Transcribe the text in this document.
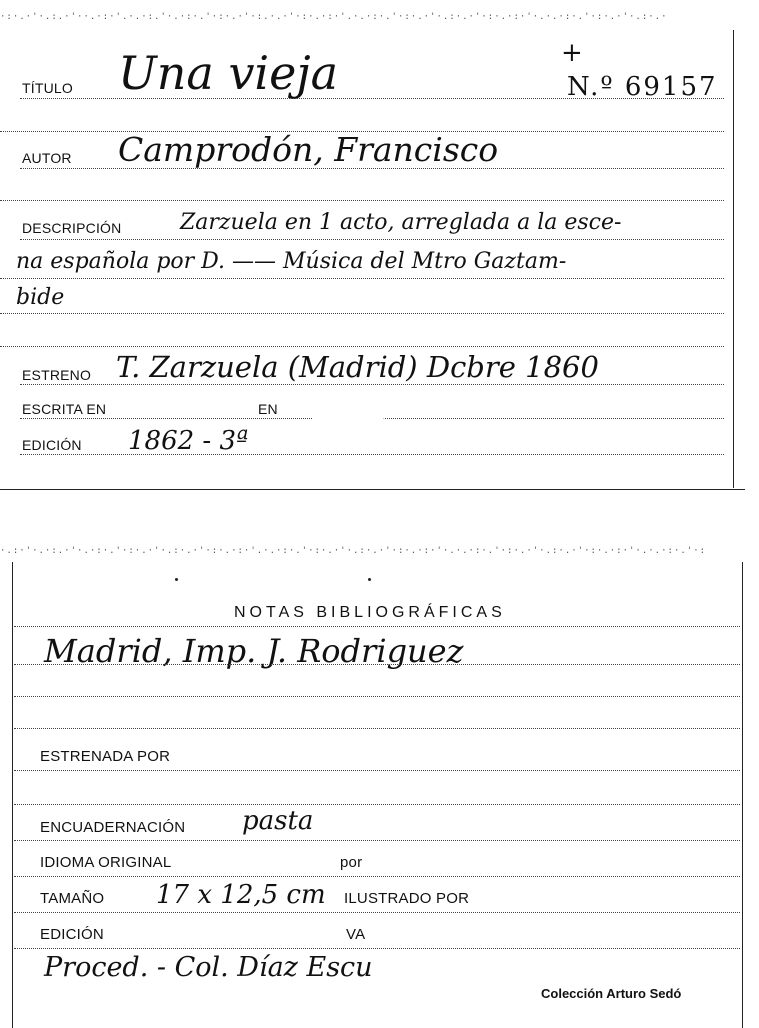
·:·.·'·.:.·'··.·:·'.·.·:.'·.·:·.'·:·.·'·:.·.·'·:·.·:·'.·.·:·.'·:·.·'·.:·.·'·:·.·:·'·.·.·:·.'·:·.·'·.:·.·
TÍTULO Una vieja	+
N.º 69157
AUTOR Camprodón, Francisco
DESCRIPCIÓN	Zarzuela en 1 acto, arreglada a la esce-
na española por D. —— Música del Mtro Gaztam-
bide
ESTRENO T. Zarzuela (Madrid) Dcbre 1860
ESCRITA EN	EN
EDICIÓN 1862 - 3ª
·.:·'·.·:.·'·.·:·.'·:·.·'·.:·.·'·:·.·:·'.·.·:·.'·:·.·'·.:·.·'·:·.·:·'·.·.·:·.'·:·.·'·.:·.·'·:·.·:·'·.·.·:·.'·:
NOTAS BIBLIOGRÁFICAS
Madrid, Imp. J. Rodriguez
ESTRENADA POR
ENCUADERNACIÓN pasta
IDIOMA ORIGINAL	por
TAMAÑO 17 x 12,5 cm ILUSTRADO POR
EDICIÓN	VA
Proced. - Col. Díaz Escu
Colección Arturo Sedó
